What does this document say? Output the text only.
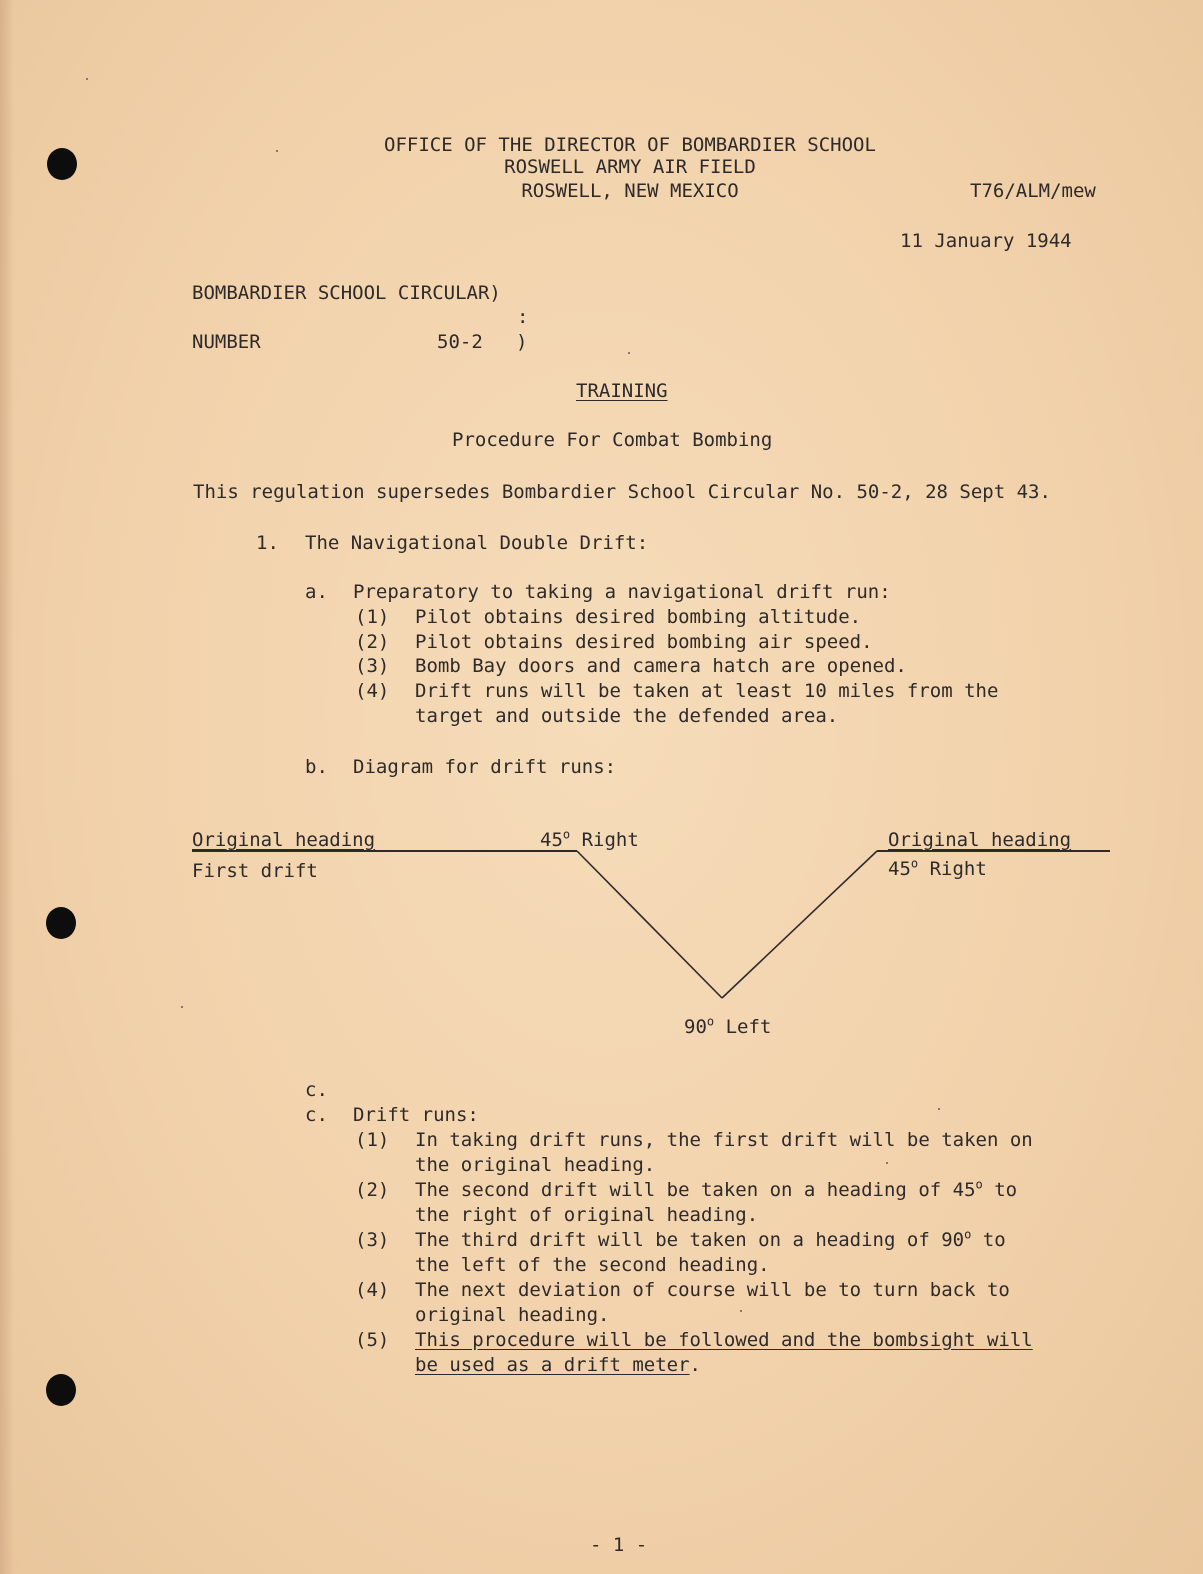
OFFICE OF THE DIRECTOR OF BOMBARDIER SCHOOL
ROSWELL ARMY AIR FIELD
ROSWELL, NEW MEXICO	T76/ALM/mew
11 January 1944
BOMBARDIER SCHOOL CIRCULAR)
:
NUMBER	50-2 )
TRAINING
Procedure For Combat Bombing
This regulation supersedes Bombardier School Circular No. 50-2, 28 Sept 43.
1. The Navigational Double Drift:
a. Preparatory to taking a navigational drift run:
(1) Pilot obtains desired bombing altitude.
(2) Pilot obtains desired bombing air speed.
(3) Bomb Bay doors and camera hatch are opened.
(4) Drift runs will be taken at least 10 miles from the
target and outside the defended area.
b. Diagram for drift runs:
Original heading
First drift
45$^o$ Right	Original heading
45$^o$ Right
90$^o$ Left
c.
c. Drift runs:
(1) In taking drift runs, the first drift will be taken on
the original heading.
(2) The second drift will be taken on a heading of 45$^o$ to
the right of original heading.
(3) The third drift will be taken on a heading of 90$^o$ to
the left of the second heading.
(4) The next deviation of course will be to turn back to
original heading.
(5) This procedure will be followed and the bombsight will
be used as a drift meter.
- 1 -
